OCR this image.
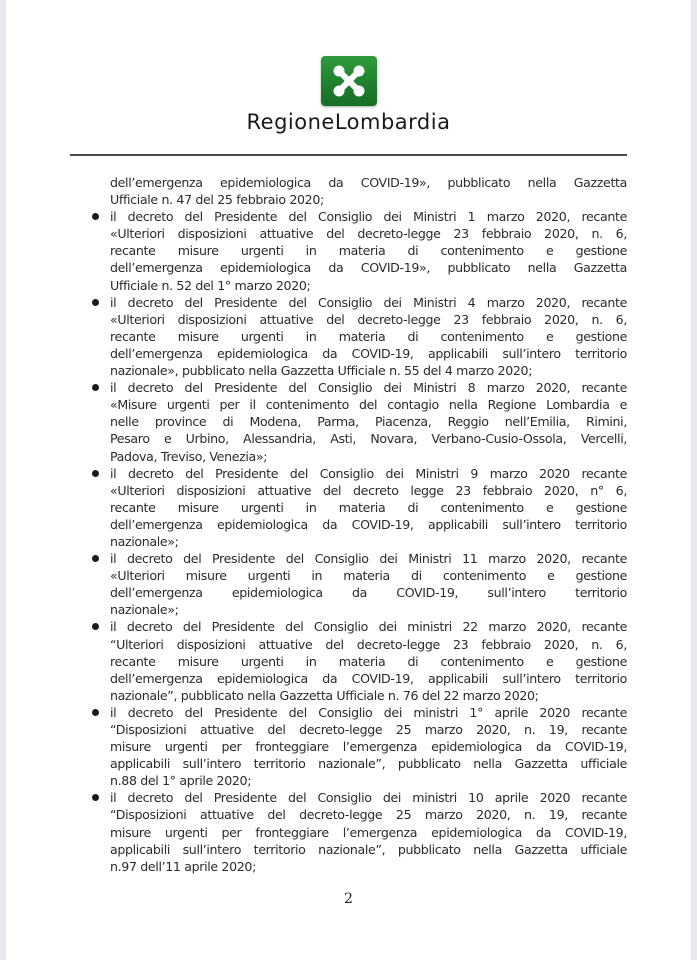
RegioneLombardia

dell’emergenza epidemiologica da COVID-19», pubblicato nella Gazzetta
Ufficiale n. 47 del 25 febbraio 2020;

il decreto del Presidente del Consiglio dei Ministri 1 marzo 2020, recante
«Ulteriori disposizioni attuative del decreto-legge 23 febbraio 2020, n. 6,
recante misure urgenti in materia di contenimento e gestione
dell’emergenza epidemiologica da COVID-19», pubblicato nella Gazzetta
Ufficiale n. 52 del 1° marzo 2020;

il decreto del Presidente del Consiglio dei Ministri 4 marzo 2020, recante
«Ulteriori disposizioni attuative del decreto-legge 23 febbraio 2020, n. 6,
recante misure urgenti in materia di contenimento e gestione
dell’emergenza epidemiologica da COVID-19, applicabili sull’intero territorio
nazionale», pubblicato nella Gazzetta Ufficiale n. 55 del 4 marzo 2020;

il decreto del Presidente del Consiglio dei Ministri 8 marzo 2020, recante
«Misure urgenti per il contenimento del contagio nella Regione Lombardia e
nelle province di Modena, Parma, Piacenza, Reggio nell’Emilia, Rimini,
Pesaro e Urbino, Alessandria, Asti, Novara, Verbano-Cusio-Ossola, Vercelli,
Padova, Treviso, Venezia»;

il decreto del Presidente del Consiglio dei Ministri 9 marzo 2020 recante
«Ulteriori disposizioni attuative del decreto legge 23 febbraio 2020, n° 6,
recante misure urgenti in materia di contenimento e gestione
dell’emergenza epidemiologica da COVID-19, applicabili sull’intero territorio
nazionale»;

il decreto del Presidente del Consiglio dei Ministri 11 marzo 2020, recante
«Ulteriori misure urgenti in materia di contenimento e gestione
dell’emergenza epidemiologica da COVID-19, sull’intero territorio
nazionale»;

il decreto del Presidente del Consiglio dei ministri 22 marzo 2020, recante
“Ulteriori disposizioni attuative del decreto-legge 23 febbraio 2020, n. 6,
recante misure urgenti in materia di contenimento e gestione
dell’emergenza epidemiologica da COVID-19, applicabili sull’intero territorio
nazionale”, pubblicato nella Gazzetta Ufficiale n. 76 del 22 marzo 2020;

il decreto del Presidente del Consiglio dei ministri 1° aprile 2020 recante
“Disposizioni attuative del decreto-legge 25 marzo 2020, n. 19, recante
misure urgenti per fronteggiare l’emergenza epidemiologica da COVID-19,
applicabili sull’intero territorio nazionale”, pubblicato nella Gazzetta ufficiale
n.88 del 1° aprile 2020;

il decreto del Presidente del Consiglio dei ministri 10 aprile 2020 recante
“Disposizioni attuative del decreto-legge 25 marzo 2020, n. 19, recante
misure urgenti per fronteggiare l’emergenza epidemiologica da COVID-19,
applicabili sull’intero territorio nazionale”, pubblicato nella Gazzetta ufficiale
n.97 dell’11 aprile 2020;

2
